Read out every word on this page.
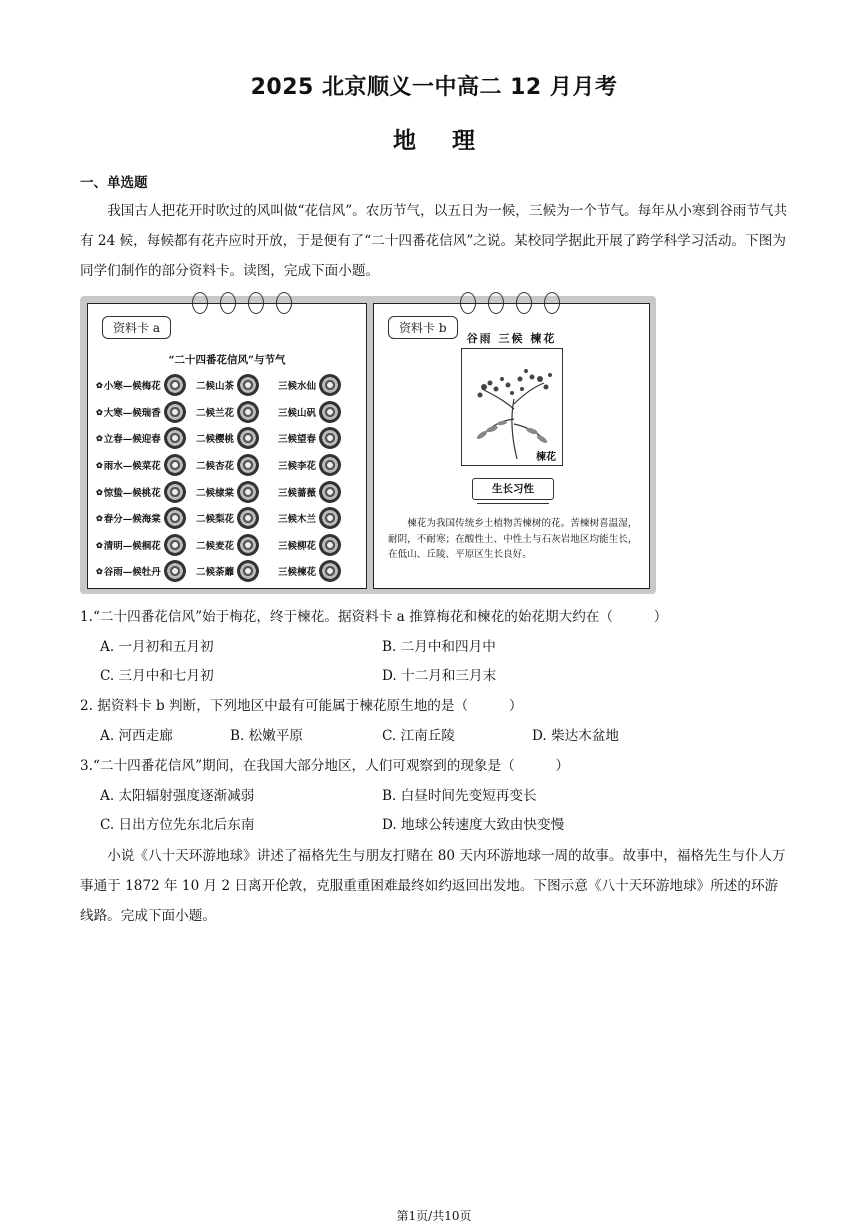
2025 北京顺义一中高二 12 月月考
地理
一、单选题
我国古人把花开时吹过的风叫做“花信风”。农历节气，以五日为一候，三候为一个节气。每年从小寒到谷雨节气共有 24 候，每候都有花卉应时开放，于是便有了“二十四番花信风”之说。某校同学据此开展了跨学科学习活动。下图为同学们制作的部分资料卡。读图，完成下面小题。
资料卡 a
“二十四番花信风”与节气
✿ 小寒—候梅花	二候山茶	三候水仙
✿ 大寒—候瑞香	二候兰花	三候山矾
✿ 立春—候迎春	二候樱桃	三候望春
✿ 雨水—候菜花	二候杏花	三候李花
✿ 惊蛰—候桃花	二候棣棠	三候蔷薇
✿ 春分—候海棠	二候梨花	三候木兰
✿ 清明—候桐花	二候麦花	三候柳花
✿ 谷雨—候牡丹	二候荼蘼	三候楝花
资料卡 b
谷雨 三候 楝花
楝花
生长习性
楝花为我国传统乡土植物苦楝树的花。苦楝树喜温湿，耐阴，不耐寒；在酸性土、中性土与石灰岩地区均能生长，在低山、丘陵、平原区生长良好。
1.“二十四番花信风”始于梅花，终于楝花。据资料卡 a 推算梅花和楝花的始花期大约在（　　　）
A. 一月初和五月初	B. 二月中和四月中
C. 三月中和七月初	D. 十二月和三月末
2. 据资料卡 b 判断，下列地区中最有可能属于楝花原生地的是（　　　）
A. 河西走廊	B. 松嫩平原	C. 江南丘陵	D. 柴达木盆地
3.“二十四番花信风”期间，在我国大部分地区，人们可观察到的现象是（　　　）
A. 太阳辐射强度逐渐减弱	B. 白昼时间先变短再变长
C. 日出方位先东北后东南	D. 地球公转速度大致由快变慢
小说《八十天环游地球》讲述了福格先生与朋友打赌在 80 天内环游地球一周的故事。故事中，福格先生与仆人万事通于 1872 年 10 月 2 日离开伦敦，克服重重困难最终如约返回出发地。下图示意《八十天环游地球》所述的环游线路。完成下面小题。
第1页/共10页
